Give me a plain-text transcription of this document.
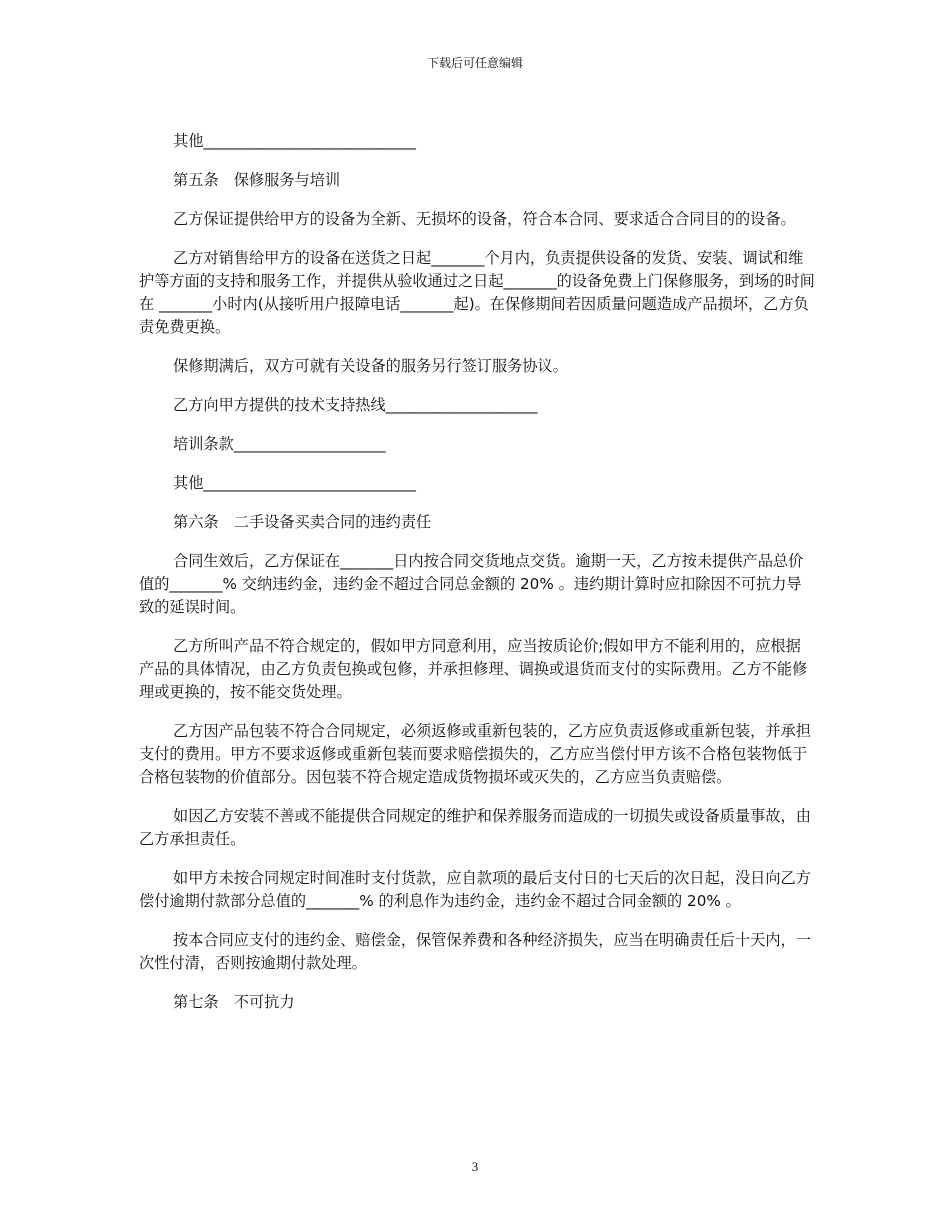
下载后可任意编辑

其他____________________________

第五条　保修服务与培训

乙方保证提供给甲方的设备为全新、无损坏的设备，符合本合同、要求适合合同目的的设备。

乙方对销售给甲方的设备在送货之日起_______个月内，负责提供设备的发货、安装、调试和维护等方面的支持和服务工作，并提供从验收通过之日起_______的设备免费上门保修服务，到场的时间在 _______小时内(从接听用户报障电话_______起)。在保修期间若因质量问题造成产品损坏，乙方负责免费更换。

保修期满后，双方可就有关设备的服务另行签订服务协议。

乙方向甲方提供的技术支持热线____________________

培训条款____________________

其他____________________________

第六条　二手设备买卖合同的违约责任

合同生效后，乙方保证在_______日内按合同交货地点交货。逾期一天，乙方按未提供产品总价值的_______% 交纳违约金，违约金不超过合同总金额的 20% 。违约期计算时应扣除因不可抗力导致的延误时间。

乙方所叫产品不符合规定的，假如甲方同意利用，应当按质论价;假如甲方不能利用的，应根据产品的具体情况，由乙方负责包换或包修，并承担修理、调换或退货而支付的实际费用。乙方不能修理或更换的，按不能交货处理。

乙方因产品包装不符合合同规定，必须返修或重新包装的，乙方应负责返修或重新包装，并承担支付的费用。甲方不要求返修或重新包装而要求赔偿损失的，乙方应当偿付甲方该不合格包装物低于合格包装物的价值部分。因包装不符合规定造成货物损坏或灭失的，乙方应当负责赔偿。

如因乙方安装不善或不能提供合同规定的维护和保养服务而造成的一切损失或设备质量事故，由乙方承担责任。

如甲方未按合同规定时间准时支付货款，应自款项的最后支付日的七天后的次日起，没日向乙方偿付逾期付款部分总值的_______% 的利息作为违约金，违约金不超过合同金额的 20% 。

按本合同应支付的违约金、赔偿金，保管保养费和各种经济损失，应当在明确责任后十天内，一次性付清，否则按逾期付款处理。

第七条　不可抗力

3
